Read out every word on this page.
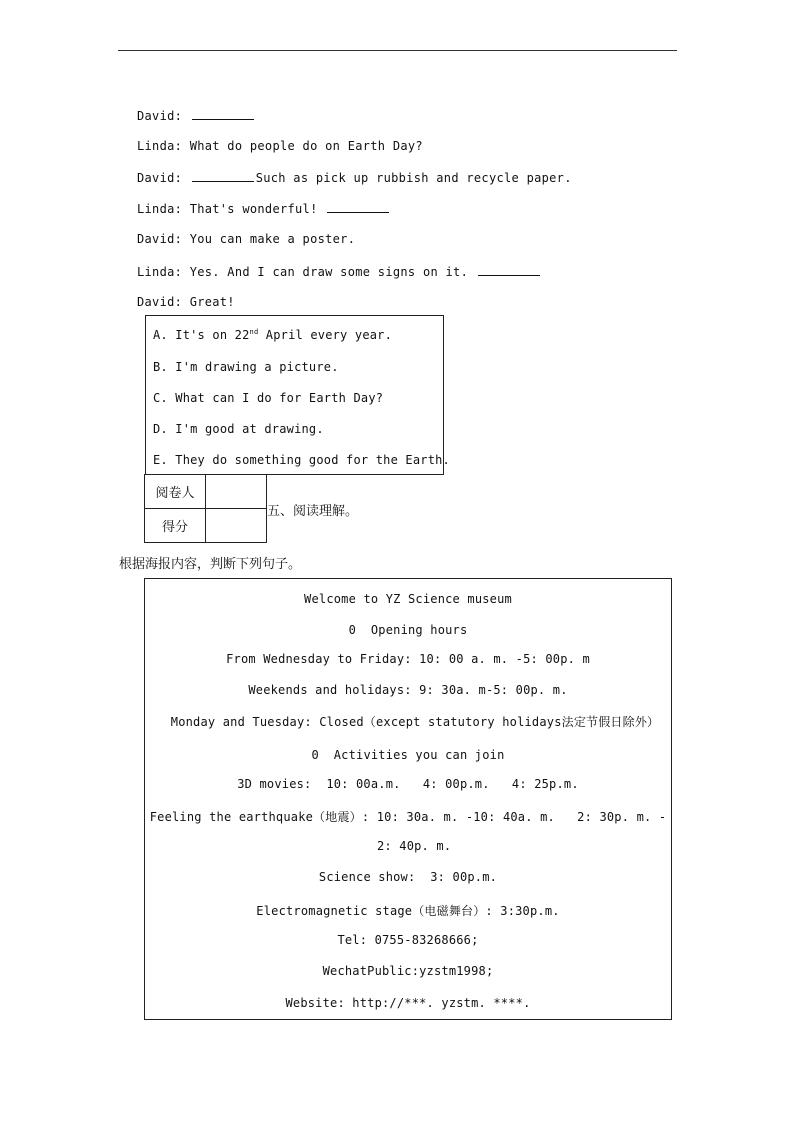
David:
Linda: What do people do on Earth Day?
David:	Such as pick up rubbish and recycle paper.
Linda: That's wonderful!
David: You can make a poster.
Linda: Yes. And I can draw some signs on it.
David: Great!
A. It's on 22nd April every year.
B. I'm drawing a picture.
C. What can I do for Earth Day?
D. I'm good at drawing.
E. They do something good for the Earth.
阅卷人	
得分	
五、阅读理解。
根据海报内容，判断下列句子。
Welcome to YZ Science museum
0  Opening hours
From Wednesday to Friday: 10: 00 a. m. -5: 00p. m
Weekends and holidays: 9: 30a. m-5: 00p. m.
Monday and Tuesday: Closed（except statutory holidays法定节假日除外）
0  Activities you can join
3D movies:  10: 00a.m.   4: 00p.m.   4: 25p.m.
Feeling the earthquake（地震）: 10: 30a. m. -10: 40a. m.   2: 30p. m. -
2: 40p. m.
Science show:  3: 00p.m.
Electromagnetic stage（电磁舞台）: 3:30p.m.
Tel: 0755-83268666;
WechatPublic:yzstm1998;
Website: http://***. yzstm. ****.
